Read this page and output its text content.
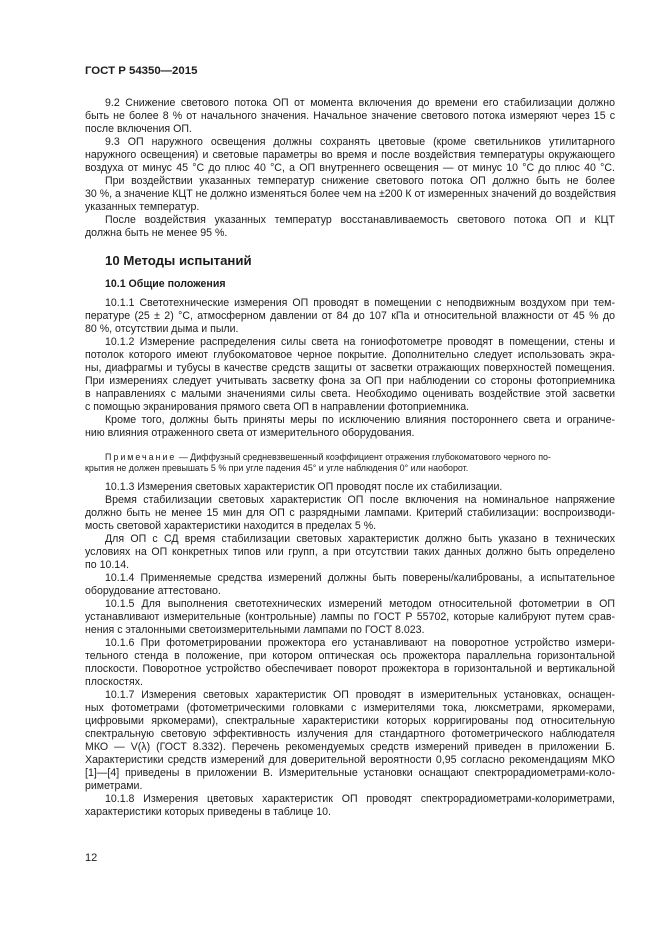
ГОСТ Р 54350—2015
9.2 Снижение светового потока ОП от момента включения до времени его стабилизации должно
быть не более 8 % от начального значения. Начальное значение светового потока измеряют через 15 с
после включения ОП.
9.3 ОП наружного освещения должны сохранять цветовые (кроме светильников утилитарного
наружного освещения) и световые параметры во время и после воздействия температуры окружающего
воздуха от минус 45 °С до плюс 40 °С, а ОП внутреннего освещения — от минус 10 °С до плюс 40 °С.
При воздействии указанных температур снижение светового потока ОП должно быть не более
30 %, а значение КЦТ не должно изменяться более чем на ±200 К от измеренных значений до воздействия
указанных температур.
После воздействия указанных температур восстанавливаемость светового потока ОП и КЦТ
должна быть не менее 95 %.
10 Методы испытаний
10.1 Общие положения
10.1.1 Светотехнические измерения ОП проводят в помещении с неподвижным воздухом при тем-
пературе (25 ± 2) °С, атмосферном давлении от 84 до 107 кПа и относительной влажности от 45 % до
80 %, отсутствии дыма и пыли.
10.1.2 Измерение распределения силы света на гониофотометре проводят в помещении, стены и
потолок которого имеют глубокоматовое черное покрытие. Дополнительно следует использовать экра-
ны, диафрагмы и тубусы в качестве средств защиты от засветки отражающих поверхностей помещения.
При измерениях следует учитывать засветку фона за ОП при наблюдении со стороны фотоприемника
в направлениях с малыми значениями силы света. Необходимо оценивать воздействие этой засветки
с помощью экранирования прямого света ОП в направлении фотоприемника.
Кроме того, должны быть приняты меры по исключению влияния постороннего света и ограниче-
нию влияния отраженного света от измерительного оборудования.
Примечание — Диффузный средневзвешенный коэффициент отражения глубокоматового черного по-
крытия не должен превышать 5 % при угле падения 45° и угле наблюдения 0° или наоборот.
10.1.3 Измерения световых характеристик ОП проводят после их стабилизации.
Время стабилизации световых характеристик ОП после включения на номинальное напряжение
должно быть не менее 15 мин для ОП с разрядными лампами. Критерий стабилизации: воспроизводи-
мость световой характеристики находится в пределах 5 %.
Для ОП с СД время стабилизации световых характеристик должно быть указано в технических
условиях на ОП конкретных типов или групп, а при отсутствии таких данных должно быть определено
по 10.14.
10.1.4 Применяемые средства измерений должны быть поверены/калиброваны, а испытательное
оборудование аттестовано.
10.1.5 Для выполнения светотехнических измерений методом относительной фотометрии в ОП
устанавливают измерительные (контрольные) лампы по ГОСТ Р 55702, которые калибруют путем срав-
нения с эталонными светоизмерительными лампами по ГОСТ 8.023.
10.1.6 При фотометрировании прожектора его устанавливают на поворотное устройство измери-
тельного стенда в положение, при котором оптическая ось прожектора параллельна горизонтальной
плоскости. Поворотное устройство обеспечивает поворот прожектора в горизонтальной и вертикальной
плоскостях.
10.1.7 Измерения световых характеристик ОП проводят в измерительных установках, оснащен-
ных фотометрами (фотометрическими головками с измерителями тока, люксметрами, яркомерами,
цифровыми яркомерами), спектральные характеристики которых корригированы под относительную
спектральную световую эффективность излучения для стандартного фотометрического наблюдателя
МКО — V(λ) (ГОСТ 8.332). Перечень рекомендуемых средств измерений приведен в приложении Б.
Характеристики средств измерений для доверительной вероятности 0,95 согласно рекомендациям МКО
[1]—[4] приведены в приложении В. Измерительные установки оснащают спектрорадиометрами-коло-
риметрами.
10.1.8 Измерения цветовых характеристик ОП проводят спектрорадиометрами-колориметрами,
характеристики которых приведены в таблице 10.
12
